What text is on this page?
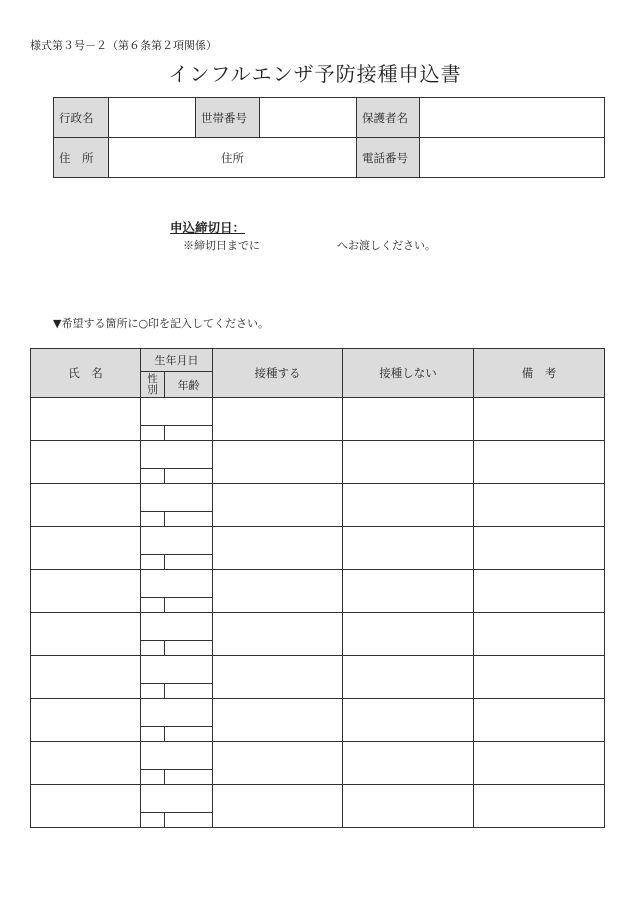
様式第３号－２（第６条第２項関係）
インフルエンザ予防接種申込書
行政名		世帯番号		保護者名	
住　所	住所			電話番号	
申込締切日：
※締切日までに	へお渡しください。
▼希望する箇所に○印を記入してください。
氏　名	生年月日		接種する	接種しない	備　考
	性
別	年齢			
